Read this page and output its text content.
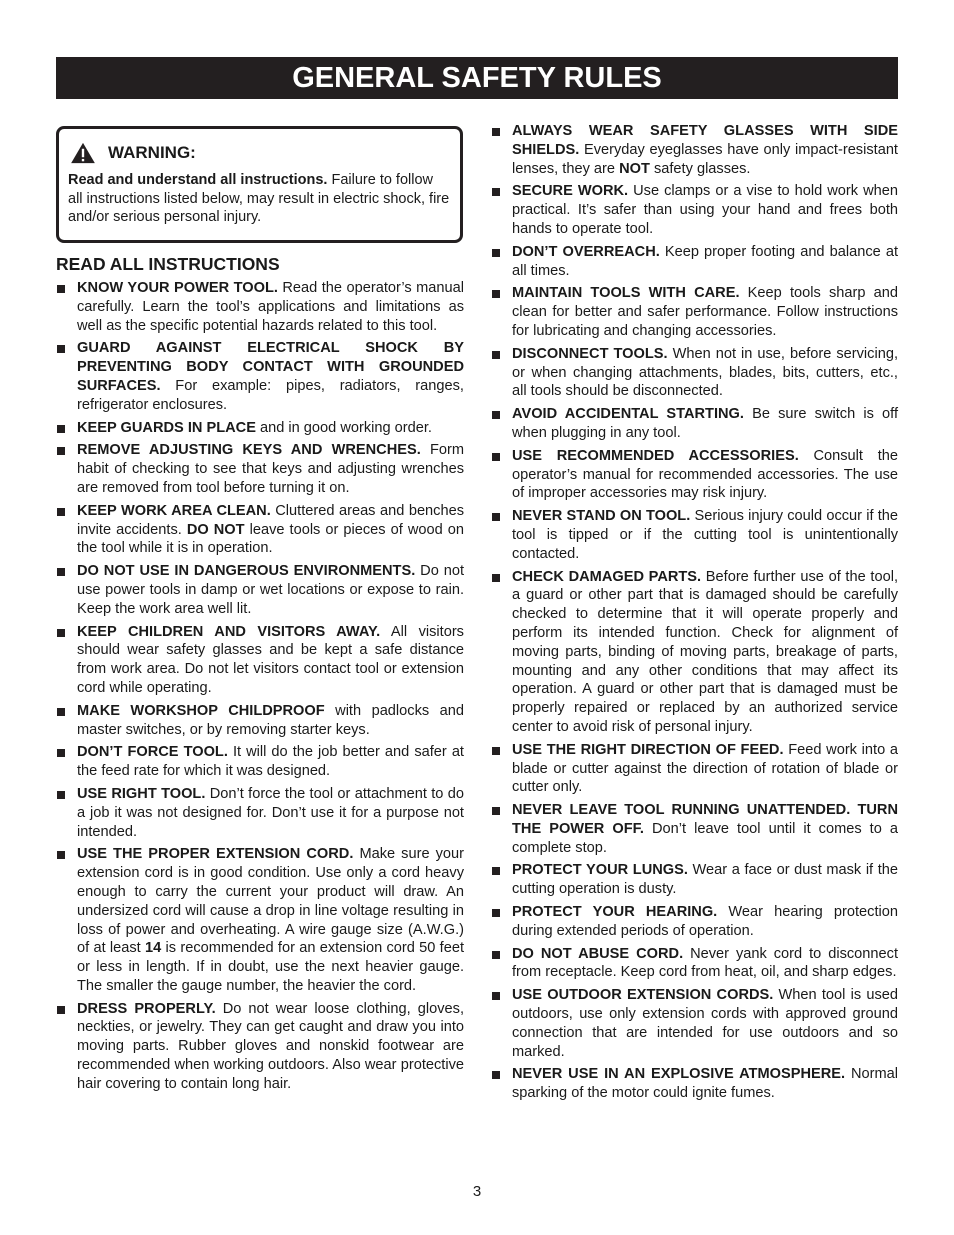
GENERAL SAFETY RULES
WARNING:
Read and understand all instructions. Failure to follow all instructions listed below, may result in electric shock, fire and/or serious personal injury.
READ ALL INSTRUCTIONS
KNOW YOUR POWER TOOL. Read the operator’s manual carefully. Learn the tool’s applications and limitations as well as the specific potential hazards related to this tool.
GUARD AGAINST ELECTRICAL SHOCK BY PREVENTING BODY CONTACT WITH GROUNDED SURFACES. For example: pipes, radiators, ranges, refrigerator enclosures.
KEEP GUARDS IN PLACE and in good working order.
REMOVE ADJUSTING KEYS AND WRENCHES. Form habit of checking to see that keys and adjusting wrenches are removed from tool before turning it on.
KEEP WORK AREA CLEAN. Cluttered areas and benches invite accidents. DO NOT leave tools or pieces of wood on the tool while it is in operation.
DO NOT USE IN DANGEROUS ENVIRONMENTS. Do not use power tools in damp or wet locations or expose to rain. Keep the work area well lit.
KEEP CHILDREN AND VISITORS AWAY. All visitors should wear safety glasses and be kept a safe distance from work area. Do not let visitors contact tool or extension cord while operating.
MAKE WORKSHOP CHILDPROOF with padlocks and master switches, or by removing starter keys.
DON’T FORCE TOOL. It will do the job better and safer at the feed rate for which it was designed.
USE RIGHT TOOL. Don’t force the tool or attachment to do a job it was not designed for. Don’t use it for a purpose not intended.
USE THE PROPER EXTENSION CORD. Make sure your extension cord is in good condition. Use only a cord heavy enough to carry the current your product will draw. An undersized cord will cause a drop in line voltage resulting in loss of power and overheating. A wire gauge size (A.W.G.) of at least 14 is recommended for an extension cord 50 feet or less in length. If in doubt, use the next heavier gauge. The smaller the gauge number, the heavier the cord.
DRESS PROPERLY. Do not wear loose clothing, gloves, neckties, or jewelry. They can get caught and draw you into moving parts. Rubber gloves and nonskid footwear are recommended when working outdoors. Also wear protective hair covering to contain long hair.
ALWAYS WEAR SAFETY GLASSES WITH SIDE SHIELDS. Everyday eyeglasses have only impact-resistant lenses, they are NOT safety glasses.
SECURE WORK. Use clamps or a vise to hold work when practical. It’s safer than using your hand and frees both hands to operate tool.
DON’T OVERREACH. Keep proper footing and balance at all times.
MAINTAIN TOOLS WITH CARE. Keep tools sharp and clean for better and safer performance. Follow instructions for lubricating and changing accessories.
DISCONNECT TOOLS. When not in use, before servicing, or when changing attachments, blades, bits, cutters, etc., all tools should be disconnected.
AVOID ACCIDENTAL STARTING. Be sure switch is off when plugging in any tool.
USE RECOMMENDED ACCESSORIES. Consult the operator’s manual for recommended accessories. The use of improper accessories may risk injury.
NEVER STAND ON TOOL. Serious injury could occur if the tool is tipped or if the cutting tool is unintentionally contacted.
CHECK DAMAGED PARTS. Before further use of the tool, a guard or other part that is damaged should be carefully checked to determine that it will operate properly and perform its intended function. Check for alignment of moving parts, binding of moving parts, breakage of parts, mounting and any other conditions that may affect its operation. A guard or other part that is damaged must be properly repaired or replaced by an authorized service center to avoid risk of personal injury.
USE THE RIGHT DIRECTION OF FEED. Feed work into a blade or cutter against the direction of rotation of blade or cutter only.
NEVER LEAVE TOOL RUNNING UNATTENDED. TURN THE POWER OFF. Don’t leave tool until it comes to a complete stop.
PROTECT YOUR LUNGS. Wear a face or dust mask if the cutting operation is dusty.
PROTECT YOUR HEARING. Wear hearing protection during extended periods of operation.
DO NOT ABUSE CORD. Never yank cord to disconnect from receptacle. Keep cord from heat, oil, and sharp edges.
USE OUTDOOR EXTENSION CORDS. When tool is used outdoors, use only extension cords with approved ground connection that are intended for use outdoors and so marked.
NEVER USE IN AN EXPLOSIVE ATMOSPHERE. Normal sparking of the motor could ignite fumes.
3
